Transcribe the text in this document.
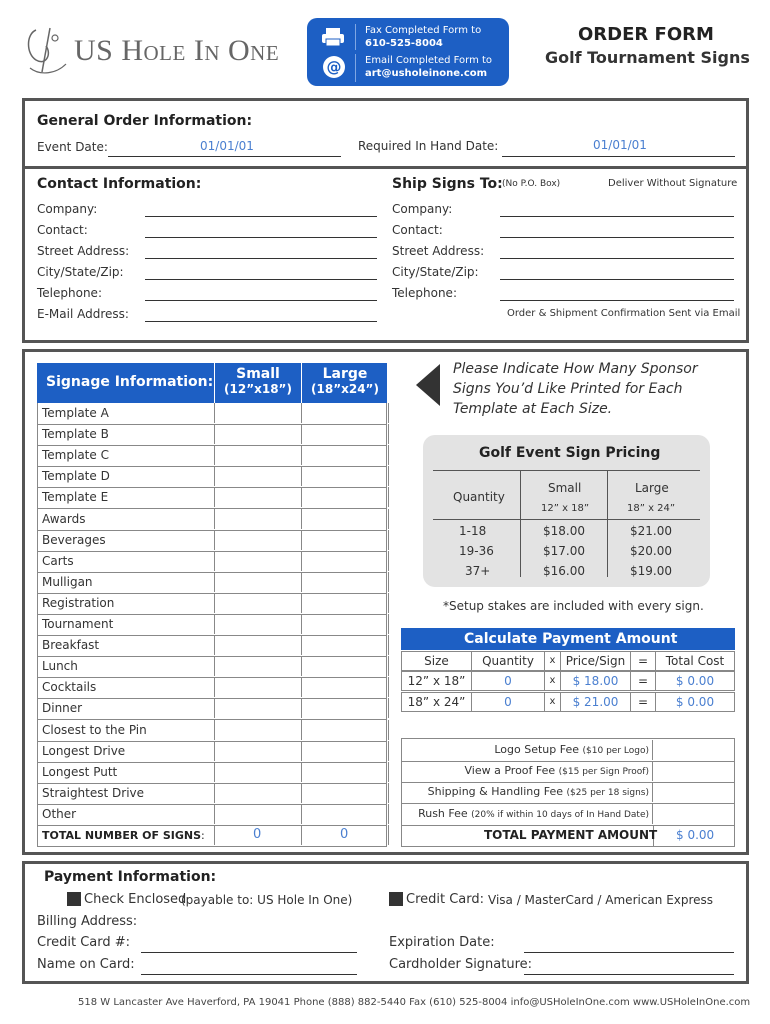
US Hole In One	@
Fax Completed Form to
610-525-8004
Email Completed Form to
art@usholeinone.com
ORDER FORM
Golf Tournament Signs
General Order Information:
Event Date:	01/01/01	Required In Hand Date:	01/01/01
Contact Information:
Company:
Contact:
Street Address:
City/State/Zip:
Telephone:
E-Mail Address:
Ship Signs To: (No P.O. Box)	Deliver Without Signature
Company:
Contact:
Street Address:
City/State/Zip:
Telephone:
Order & Shipment Confirmation Sent via Email
Signage Information:	Small
(12”x18”)
Large
(18”x24”)
Template A
Template B
Template C
Template D
Template E
Awards
Beverages
Carts
Mulligan
Registration
Tournament
Breakfast
Lunch
Cocktails
Dinner
Closest to the Pin
Longest Drive
Longest Putt
Straightest Drive
Other
TOTAL NUMBER OF SIGNS:	0	0
Please Indicate How Many Sponsor Signs You’d Like Printed for Each Template at Each Size.
Golf Event Sign Pricing
Quantity
Small
12” x 18”
Large
18” x 24”
1-18	$18.00	$21.00
19-36	$17.00	$20.00
37+	$16.00	$19.00
*Setup stakes are included with every sign.
Calculate Payment Amount
Size	Quantity	x Price/Sign	=	Total Cost
12” x 18”	0	x	$ 18.00	=	$ 0.00
18” x 24”	0	x	$ 21.00	=	$ 0.00
Logo Setup Fee ($10 per Logo)
View a Proof Fee ($15 per Sign Proof)
Shipping & Handling Fee ($25 per 18 signs)
Rush Fee (20% if within 10 days of In Hand Date)
TOTAL PAYMENT AMOUNT $ 0.00
Payment Information:
Check Enclosed
(payable to: US Hole In One)	Credit Card: Visa / MasterCard / American Express
Billing Address:
Credit Card #:
Name on Card:
Expiration Date:
Cardholder Signature:
518 W Lancaster Ave Haverford, PA 19041 Phone (888) 882-5440 Fax (610) 525-8004 info@USHoleInOne.com www.USHoleInOne.com
